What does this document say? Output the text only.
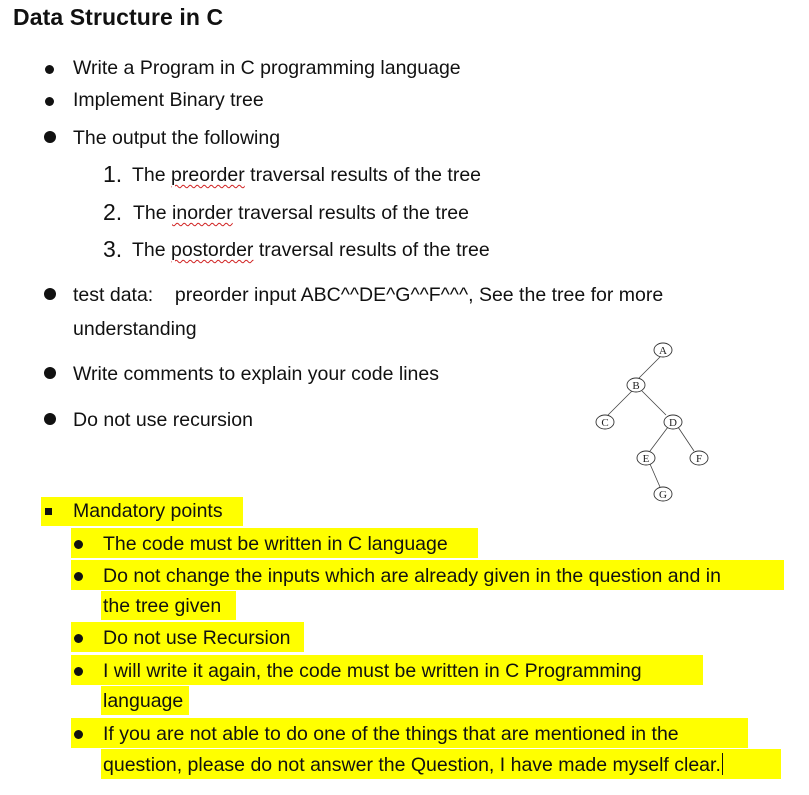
Data Structure in C
Write a Program in C programming language
Implement Binary tree
The output the following
1. The preorder traversal results of the tree
2. The inorder traversal results of the tree
3. The postorder traversal results of the tree
test data:    preorder input ABC^^DE^G^^F^^^, See the tree for more
understanding
Write comments to explain your code lines
Do not use recursion
A
B
C	D
E	F
G
Mandatory points
The code must be written in C language
Do not change the inputs which are already given in the question and in
the tree given
Do not use Recursion
I will write it again, the code must be written in C Programming
language
If you are not able to do one of the things that are mentioned in the
question, please do not answer the Question, I have made myself clear.
